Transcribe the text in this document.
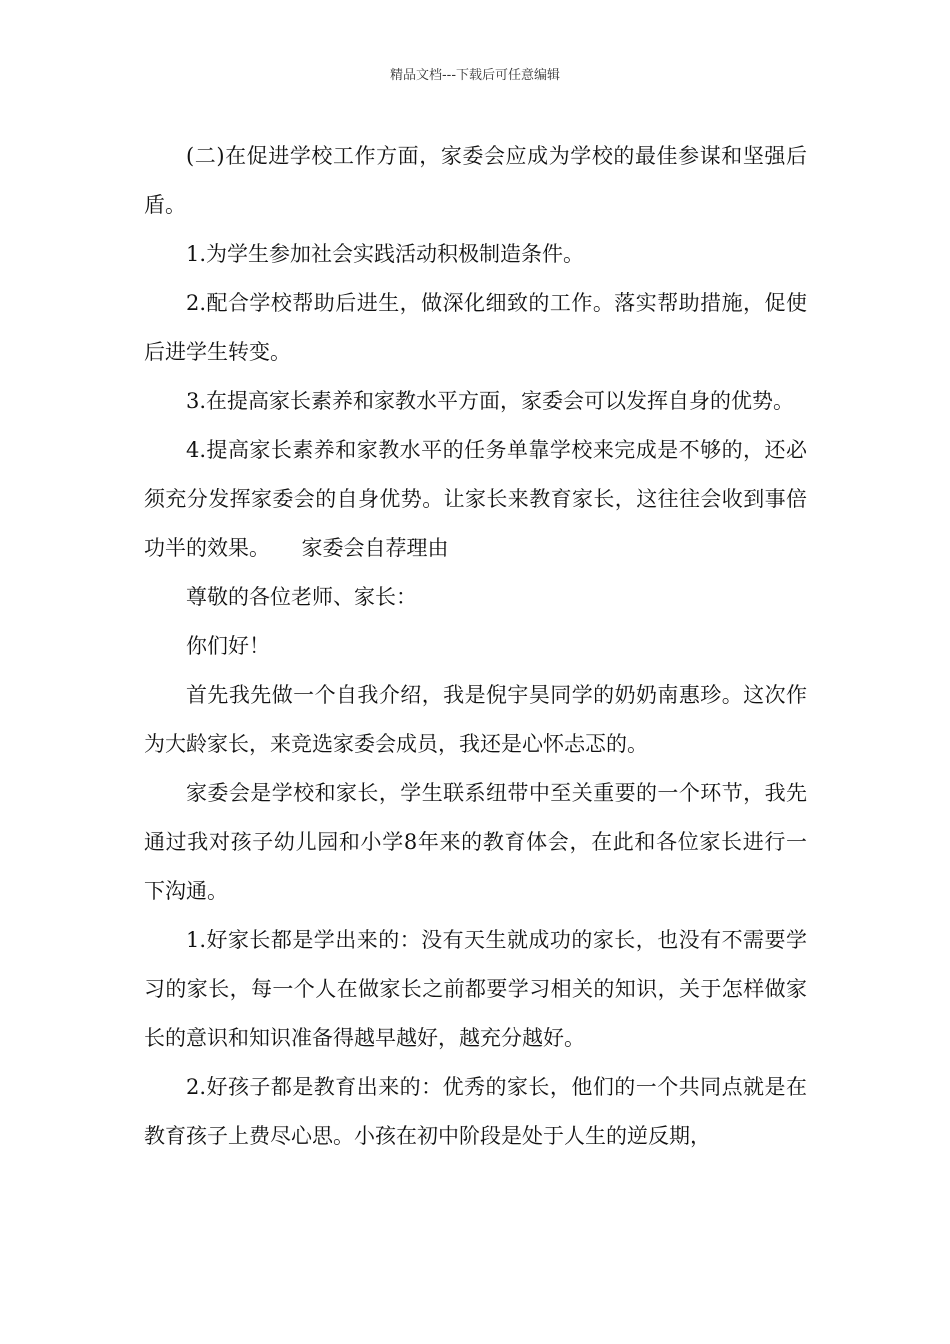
精品文档---下载后可任意编辑

(二)在促进学校工作方面，家委会应成为学校的最佳参谋和坚强后盾。

1.为学生参加社会实践活动积极制造条件。

2.配合学校帮助后进生，做深化细致的工作。落实帮助措施，促使后进学生转变。

3.在提高家长素养和家教水平方面，家委会可以发挥自身的优势。

4.提高家长素养和家教水平的任务单靠学校来完成是不够的，还必须充分发挥家委会的自身优势。让家长来教育家长，这往往会收到事倍功半的效果。　　家委会自荐理由

尊敬的各位老师、家长：

你们好！

首先我先做一个自我介绍，我是倪宇昊同学的奶奶南惠珍。这次作为大龄家长，来竞选家委会成员，我还是心怀忐忑的。

家委会是学校和家长，学生联系纽带中至关重要的一个环节，我先通过我对孩子幼儿园和小学8年来的教育体会，在此和各位家长进行一下沟通。

1.好家长都是学出来的：没有天生就成功的家长，也没有不需要学习的家长，每一个人在做家长之前都要学习相关的知识，关于怎样做家长的意识和知识准备得越早越好，越充分越好。

2.好孩子都是教育出来的：优秀的家长，他们的一个共同点就是在教育孩子上费尽心思。小孩在初中阶段是处于人生的逆反期，
